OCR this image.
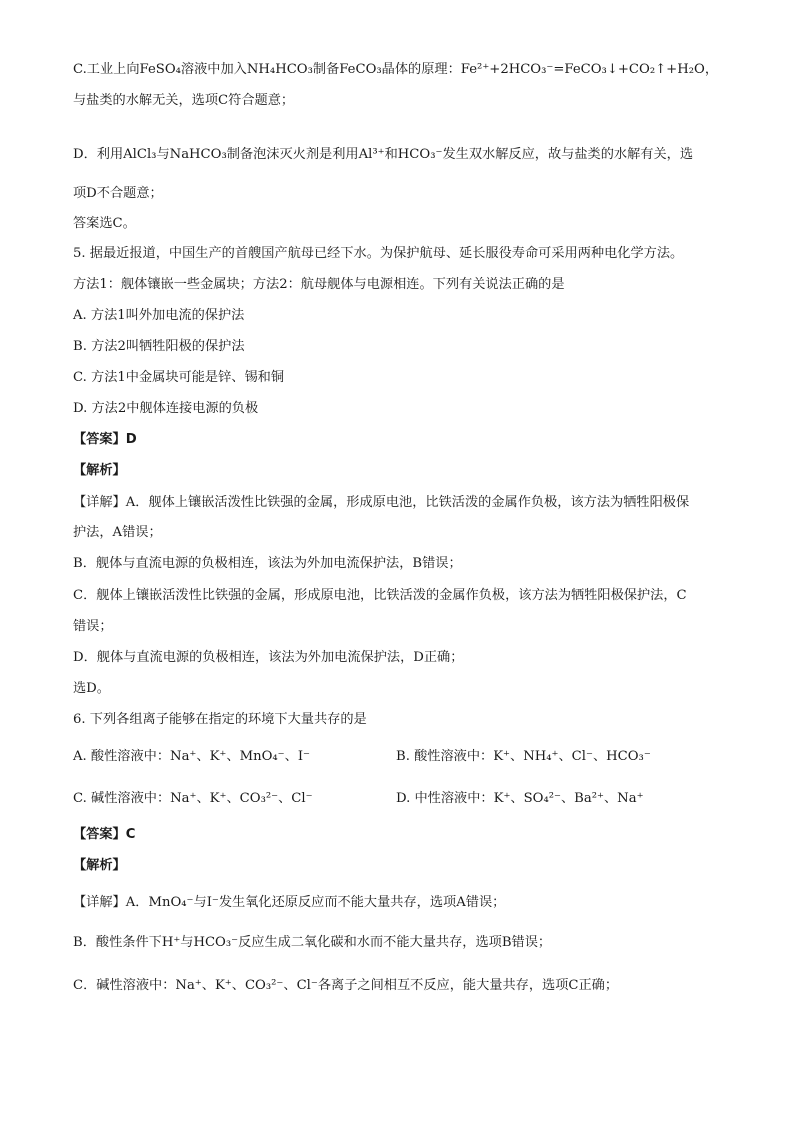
C.工业上向FeSO₄溶液中加入NH₄HCO₃制备FeCO₃晶体的原理：Fe²⁺+2HCO₃⁻=FeCO₃↓+CO₂↑+H₂O，
与盐类的水解无关，选项C符合题意；
D．利用AlCl₃与NaHCO₃制备泡沫灭火剂是利用Al³⁺和HCO₃⁻发生双水解反应，故与盐类的水解有关，选
项D不合题意；
答案选C。
5. 据最近报道，中国生产的首艘国产航母已经下水。为保护航母、延长服役寿命可采用两种电化学方法。
方法1：舰体镶嵌一些金属块；方法2：航母舰体与电源相连。下列有关说法正确的是
A. 方法1叫外加电流的保护法
B. 方法2叫牺牲阳极的保护法
C. 方法1中金属块可能是锌、锡和铜
D. 方法2中舰体连接电源的负极
【答案】D
【解析】
【详解】A．舰体上镶嵌活泼性比铁强的金属，形成原电池，比铁活泼的金属作负极，该方法为牺牲阳极保
护法，A错误；
B．舰体与直流电源的负极相连，该法为外加电流保护法，B错误；
C．舰体上镶嵌活泼性比铁强的金属，形成原电池，比铁活泼的金属作负极，该方法为牺牲阳极保护法，C
错误；
D．舰体与直流电源的负极相连，该法为外加电流保护法，D正确；
选D。
6. 下列各组离子能够在指定的环境下大量共存的是
A. 酸性溶液中：Na⁺、K⁺、MnO₄⁻、I⁻	B. 酸性溶液中：K⁺、NH₄⁺、Cl⁻、HCO₃⁻
C. 碱性溶液中：Na⁺、K⁺、CO₃²⁻、Cl⁻	D. 中性溶液中：K⁺、SO₄²⁻、Ba²⁺、Na⁺
【答案】C
【解析】
【详解】A．MnO₄⁻与I⁻发生氧化还原反应而不能大量共存，选项A错误；
B．酸性条件下H⁺与HCO₃⁻反应生成二氧化碳和水而不能大量共存，选项B错误；
C．碱性溶液中：Na⁺、K⁺、CO₃²⁻、Cl⁻各离子之间相互不反应，能大量共存，选项C正确；
